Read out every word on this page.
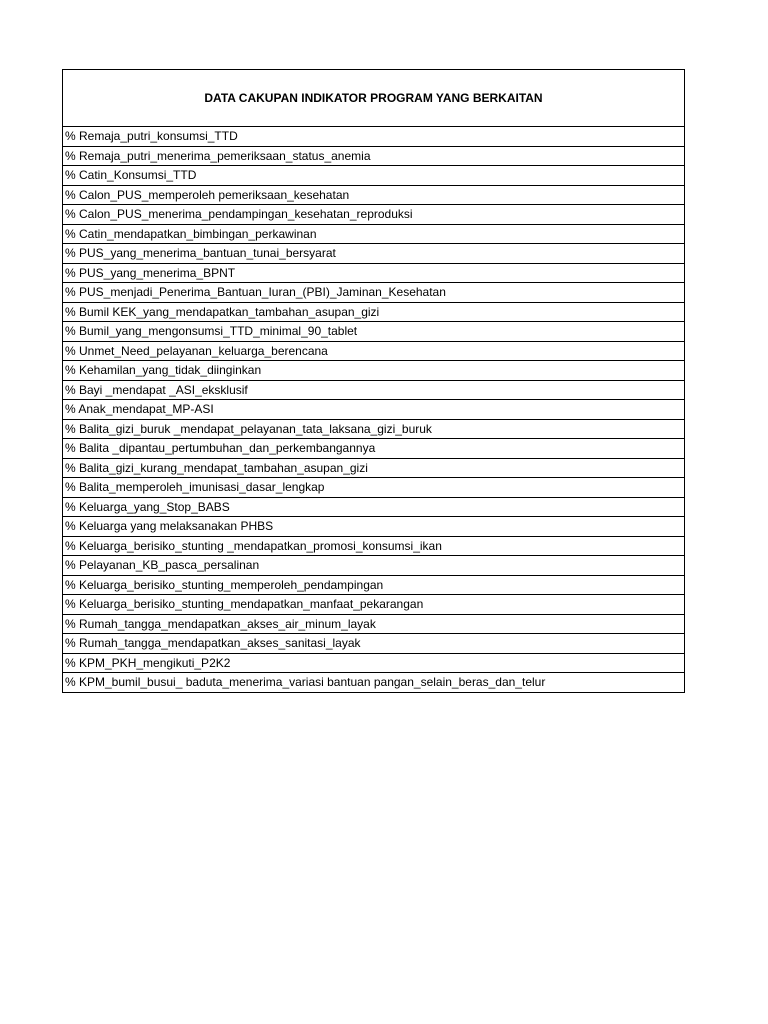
DATA CAKUPAN INDIKATOR PROGRAM YANG BERKAITAN
% Remaja_putri_konsumsi_TTD
% Remaja_putri_menerima_pemeriksaan_status_anemia
% Catin_Konsumsi_TTD
% Calon_PUS_memperoleh pemeriksaan_kesehatan
% Calon_PUS_menerima_pendampingan_kesehatan_reproduksi
% Catin_mendapatkan_bimbingan_perkawinan
% PUS_yang_menerima_bantuan_tunai_bersyarat
% PUS_yang_menerima_BPNT
% PUS_menjadi_Penerima_Bantuan_Iuran_(PBI)_Jaminan_Kesehatan
% Bumil KEK_yang_mendapatkan_tambahan_asupan_gizi
% Bumil_yang_mengonsumsi_TTD_minimal_90_tablet
% Unmet_Need_pelayanan_keluarga_berencana
% Kehamilan_yang_tidak_diinginkan
% Bayi _mendapat _ASI_eksklusif
% Anak_mendapat_MP-ASI
% Balita_gizi_buruk _mendapat_pelayanan_tata_laksana_gizi_buruk
% Balita _dipantau_pertumbuhan_dan_perkembangannya
% Balita_gizi_kurang_mendapat_tambahan_asupan_gizi
% Balita_memperoleh_imunisasi_dasar_lengkap
% Keluarga_yang_Stop_BABS
% Keluarga yang melaksanakan PHBS
% Keluarga_berisiko_stunting _mendapatkan_promosi_konsumsi_ikan
% Pelayanan_KB_pasca_persalinan
% Keluarga_berisiko_stunting_memperoleh_pendampingan
% Keluarga_berisiko_stunting_mendapatkan_manfaat_pekarangan
% Rumah_tangga_mendapatkan_akses_air_minum_layak
% Rumah_tangga_mendapatkan_akses_sanitasi_layak
% KPM_PKH_mengikuti_P2K2
% KPM_bumil_busui_ baduta_menerima_variasi bantuan pangan_selain_beras_dan_telur
